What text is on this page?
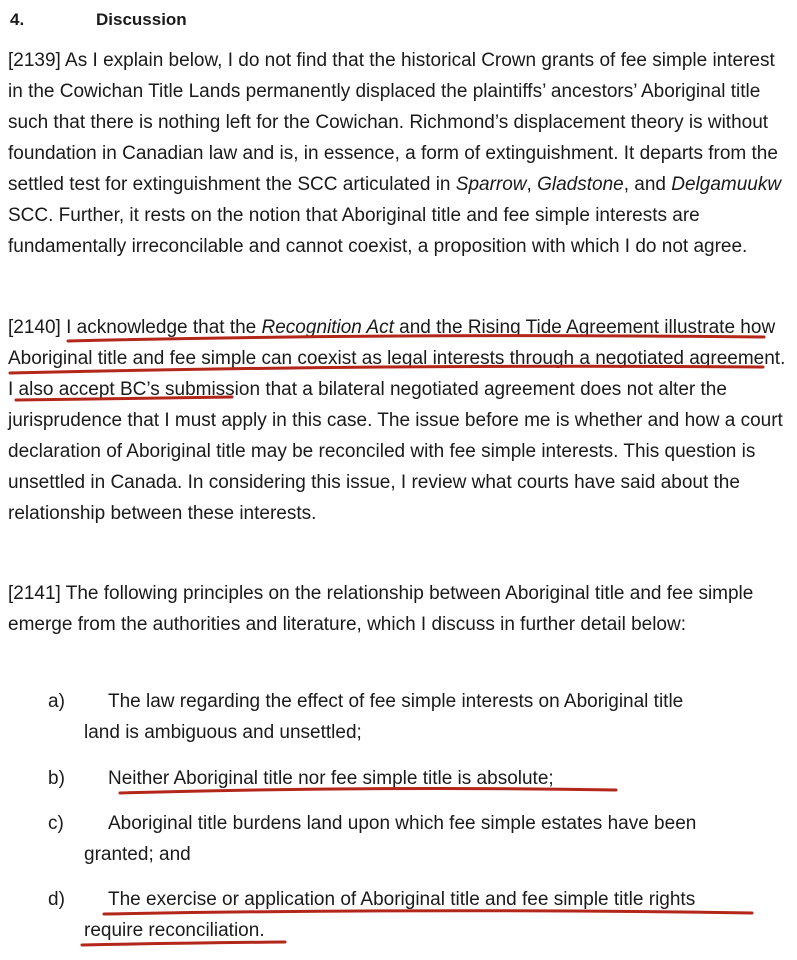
4.	Discussion

[2139] As I explain below, I do not find that the historical Crown grants of fee simple interest in the Cowichan Title Lands permanently displaced the plaintiffs’ ancestors’ Aboriginal title such that there is nothing left for the Cowichan. Richmond’s displacement theory is without foundation in Canadian law and is, in essence, a form of extinguishment. It departs from the settled test for extinguishment the SCC articulated in Sparrow, Gladstone, and Delgamuukw SCC. Further, it rests on the notion that Aboriginal title and fee simple interests are fundamentally irreconcilable and cannot coexist, a proposition with which I do not agree.

[2140] I acknowledge that the Recognition Act and the Rising Tide Agreement illustrate how Aboriginal title and fee simple can coexist as legal interests through a negotiated agreement. I also accept BC’s submission that a bilateral negotiated agreement does not alter the jurisprudence that I must apply in this case. The issue before me is whether and how a court declaration of Aboriginal title may be reconciled with fee simple interests. This question is unsettled in Canada. In considering this issue, I review what courts have said about the relationship between these interests.

[2141] The following principles on the relationship between Aboriginal title and fee simple emerge from the authorities and literature, which I discuss in further detail below:

a)	The law regarding the effect of fee simple interests on Aboriginal title
land is ambiguous and unsettled;
b)	Neither Aboriginal title nor fee simple title is absolute;
c)	Aboriginal title burdens land upon which fee simple estates have been
granted; and
d)	The exercise or application of Aboriginal title and fee simple title rights
require reconciliation.
